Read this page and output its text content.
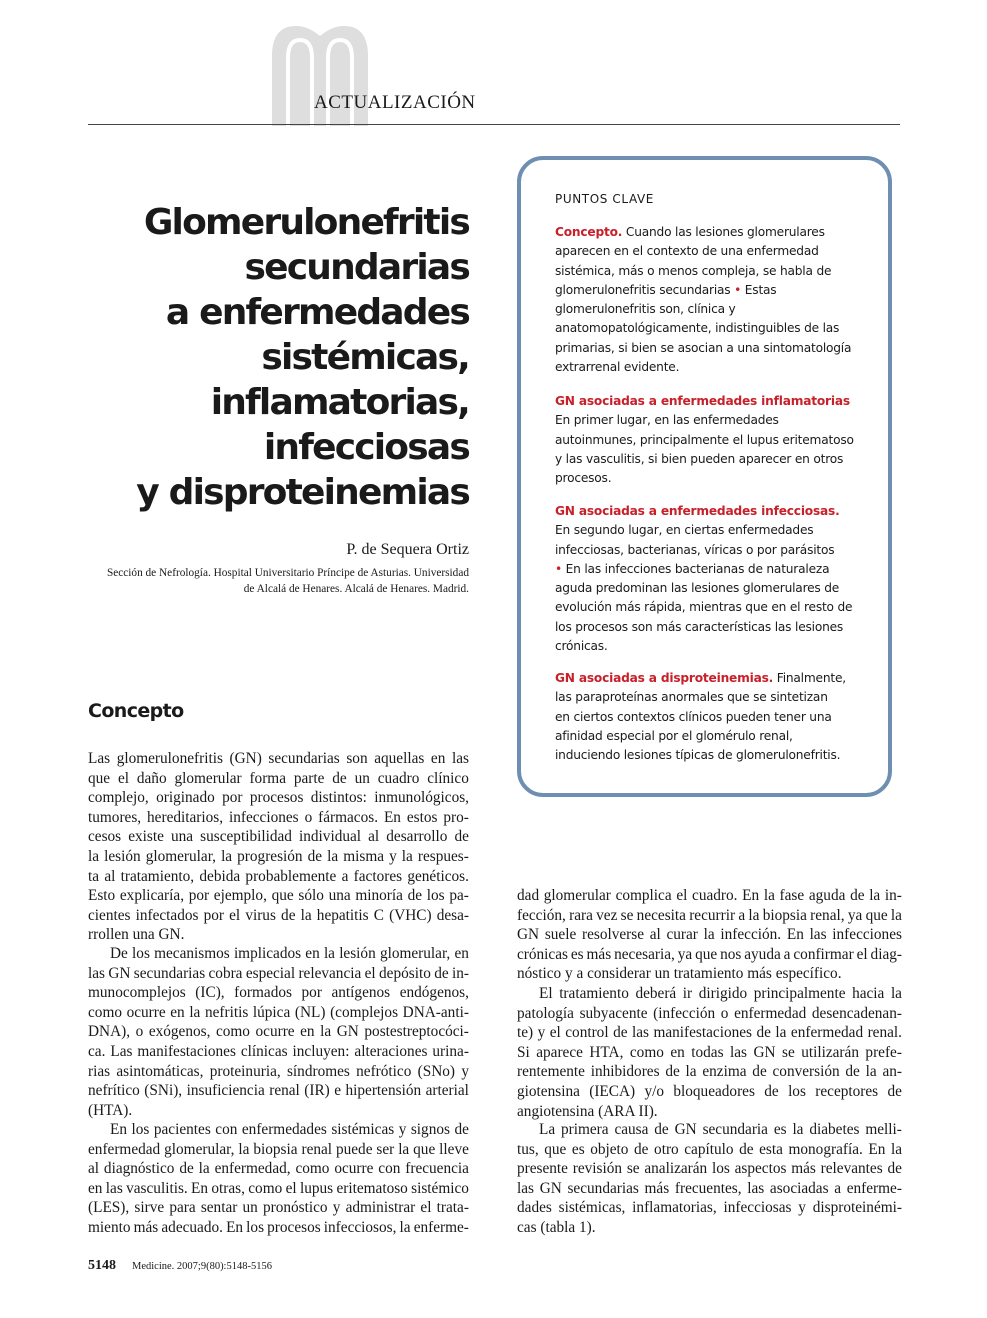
ACTUALIZACIÓN
Glomerulonefritis
secundarias
a enfermedades
sistémicas,
inflamatorias,
infecciosas
y disproteinemias
P. de Sequera Ortiz
Sección de Nefrología. Hospital Universitario Príncipe de Asturias. Universidad
de Alcalá de Henares. Alcalá de Henares. Madrid.
PUNTOS CLAVE
Concepto. Cuando las lesiones glomerulares
aparecen en el contexto de una enfermedad
sistémica, más o menos compleja, se habla de
glomerulonefritis secundarias • Estas
glomerulonefritis son, clínica y
anatomopatológicamente, indistinguibles de las
primarias, si bien se asocian a una sintomatología
extrarrenal evidente.
GN asociadas a enfermedades inflamatorias
En primer lugar, en las enfermedades
autoinmunes, principalmente el lupus eritematoso
y las vasculitis, si bien pueden aparecer en otros
procesos.
GN asociadas a enfermedades infecciosas.
En segundo lugar, en ciertas enfermedades
infecciosas, bacterianas, víricas o por parásitos
• En las infecciones bacterianas de naturaleza
aguda predominan las lesiones glomerulares de
evolución más rápida, mientras que en el resto de
los procesos son más características las lesiones
crónicas.
GN asociadas a disproteinemias. Finalmente,
las paraproteínas anormales que se sintetizan
en ciertos contextos clínicos pueden tener una
afinidad especial por el glomérulo renal,
induciendo lesiones típicas de glomerulonefritis.
Concepto
Las glomerulonefritis (GN) secundarias son aquellas en las
que el daño glomerular forma parte de un cuadro clínico
complejo, originado por procesos distintos: inmunológicos,
tumores, hereditarios, infecciones o fármacos. En estos pro-
cesos existe una susceptibilidad individual al desarrollo de
la lesión glomerular, la progresión de la misma y la respues-
ta al tratamiento, debida probablemente a factores genéticos.
Esto explicaría, por ejemplo, que sólo una minoría de los pa-
cientes infectados por el virus de la hepatitis C (VHC) desa-
rrollen una GN.
De los mecanismos implicados en la lesión glomerular, en
las GN secundarias cobra especial relevancia el depósito de in-
munocomplejos (IC), formados por antígenos endógenos,
como ocurre en la nefritis lúpica (NL) (complejos DNA-anti-
DNA), o exógenos, como ocurre en la GN postestreptocóci-
ca. Las manifestaciones clínicas incluyen: alteraciones urina-
rias asintomáticas, proteinuria, síndromes nefrótico (SNo) y
nefrítico (SNi), insuficiencia renal (IR) e hipertensión arterial
(HTA).
En los pacientes con enfermedades sistémicas y signos de
enfermedad glomerular, la biopsia renal puede ser la que lleve
al diagnóstico de la enfermedad, como ocurre con frecuencia
en las vasculitis. En otras, como el lupus eritematoso sistémico
(LES), sirve para sentar un pronóstico y administrar el trata-
miento más adecuado. En los procesos infecciosos, la enferme-
dad glomerular complica el cuadro. En la fase aguda de la in-
fección, rara vez se necesita recurrir a la biopsia renal, ya que la
GN suele resolverse al curar la infección. En las infecciones
crónicas es más necesaria, ya que nos ayuda a confirmar el diag-
nóstico y a considerar un tratamiento más específico.
El tratamiento deberá ir dirigido principalmente hacia la
patología subyacente (infección o enfermedad desencadenan-
te) y el control de las manifestaciones de la enfermedad renal.
Si aparece HTA, como en todas las GN se utilizarán prefe-
rentemente inhibidores de la enzima de conversión de la an-
giotensina (IECA) y/o bloqueadores de los receptores de
angiotensina (ARA II).
La primera causa de GN secundaria es la diabetes melli-
tus, que es objeto de otro capítulo de esta monografía. En la
presente revisión se analizarán los aspectos más relevantes de
las GN secundarias más frecuentes, las asociadas a enferme-
dades sistémicas, inflamatorias, infecciosas y disproteinémi-
cas (tabla 1).
5148 Medicine. 2007;9(80):5148-5156
